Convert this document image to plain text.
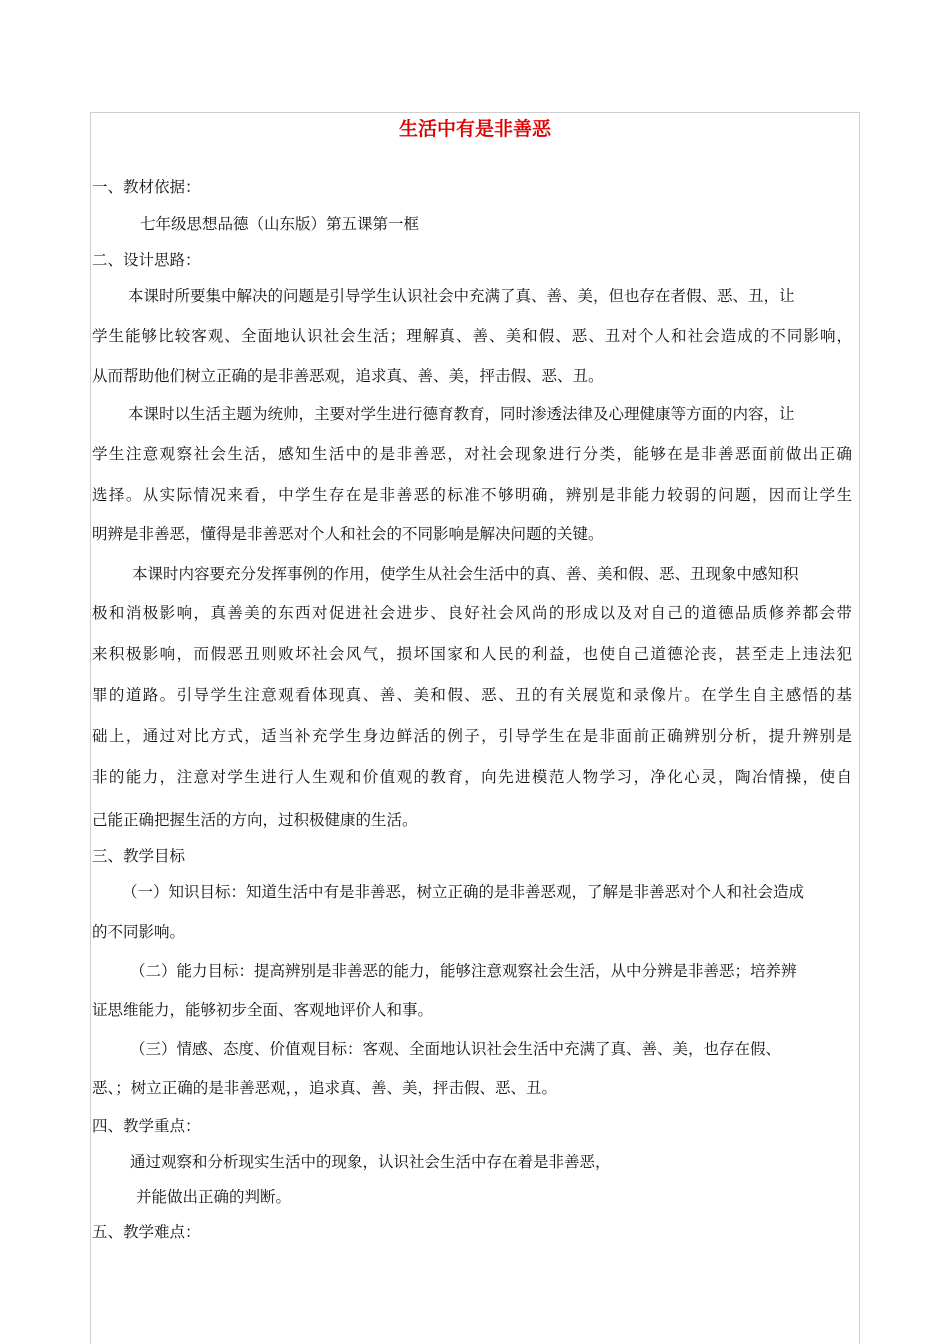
生活中有是非善恶
一、教材依据：
七年级思想品德（山东版）第五课第一框
二、设计思路：
本课时所要集中解决的问题是引导学生认识社会中充满了真、善、美，但也存在者假、恶、丑，让
学生能够比较客观、全面地认识社会生活；理解真、善、美和假、恶、丑对个人和社会造成的不同影响，
从而帮助他们树立正确的是非善恶观，追求真、善、美，抨击假、恶、丑。
本课时以生活主题为统帅，主要对学生进行德育教育，同时渗透法律及心理健康等方面的内容，让
学生注意观察社会生活，感知生活中的是非善恶，对社会现象进行分类，能够在是非善恶面前做出正确
选择。从实际情况来看，中学生存在是非善恶的标准不够明确，辨别是非能力较弱的问题，因而让学生
明辨是非善恶，懂得是非善恶对个人和社会的不同影响是解决问题的关键。
本课时内容要充分发挥事例的作用，使学生从社会生活中的真、善、美和假、恶、丑现象中感知积
极和消极影响，真善美的东西对促进社会进步、良好社会风尚的形成以及对自己的道德品质修养都会带
来积极影响，而假恶丑则败坏社会风气，损坏国家和人民的利益，也使自己道德沦丧，甚至走上违法犯
罪的道路。引导学生注意观看体现真、善、美和假、恶、丑的有关展览和录像片。在学生自主感悟的基
础上，通过对比方式，适当补充学生身边鲜活的例子，引导学生在是非面前正确辨别分析，提升辨别是
非的能力，注意对学生进行人生观和价值观的教育，向先进模范人物学习，净化心灵，陶冶情操，使自
己能正确把握生活的方向，过积极健康的生活。
三、教学目标
（一）知识目标：知道生活中有是非善恶，树立正确的是非善恶观，了解是非善恶对个人和社会造成
的不同影响。
（二）能力目标：提高辨别是非善恶的能力，能够注意观察社会生活，从中分辨是非善恶；培养辨
证思维能力，能够初步全面、客观地评价人和事。
（三）情感、态度、价值观目标：客观、全面地认识社会生活中充满了真、善、美，也存在假、
恶、；树立正确的是非善恶观，，追求真、善、美，抨击假、恶、丑。
四、教学重点：
通过观察和分析现实生活中的现象，认识社会生活中存在着是非善恶，
并能做出正确的判断。
五、教学难点：
